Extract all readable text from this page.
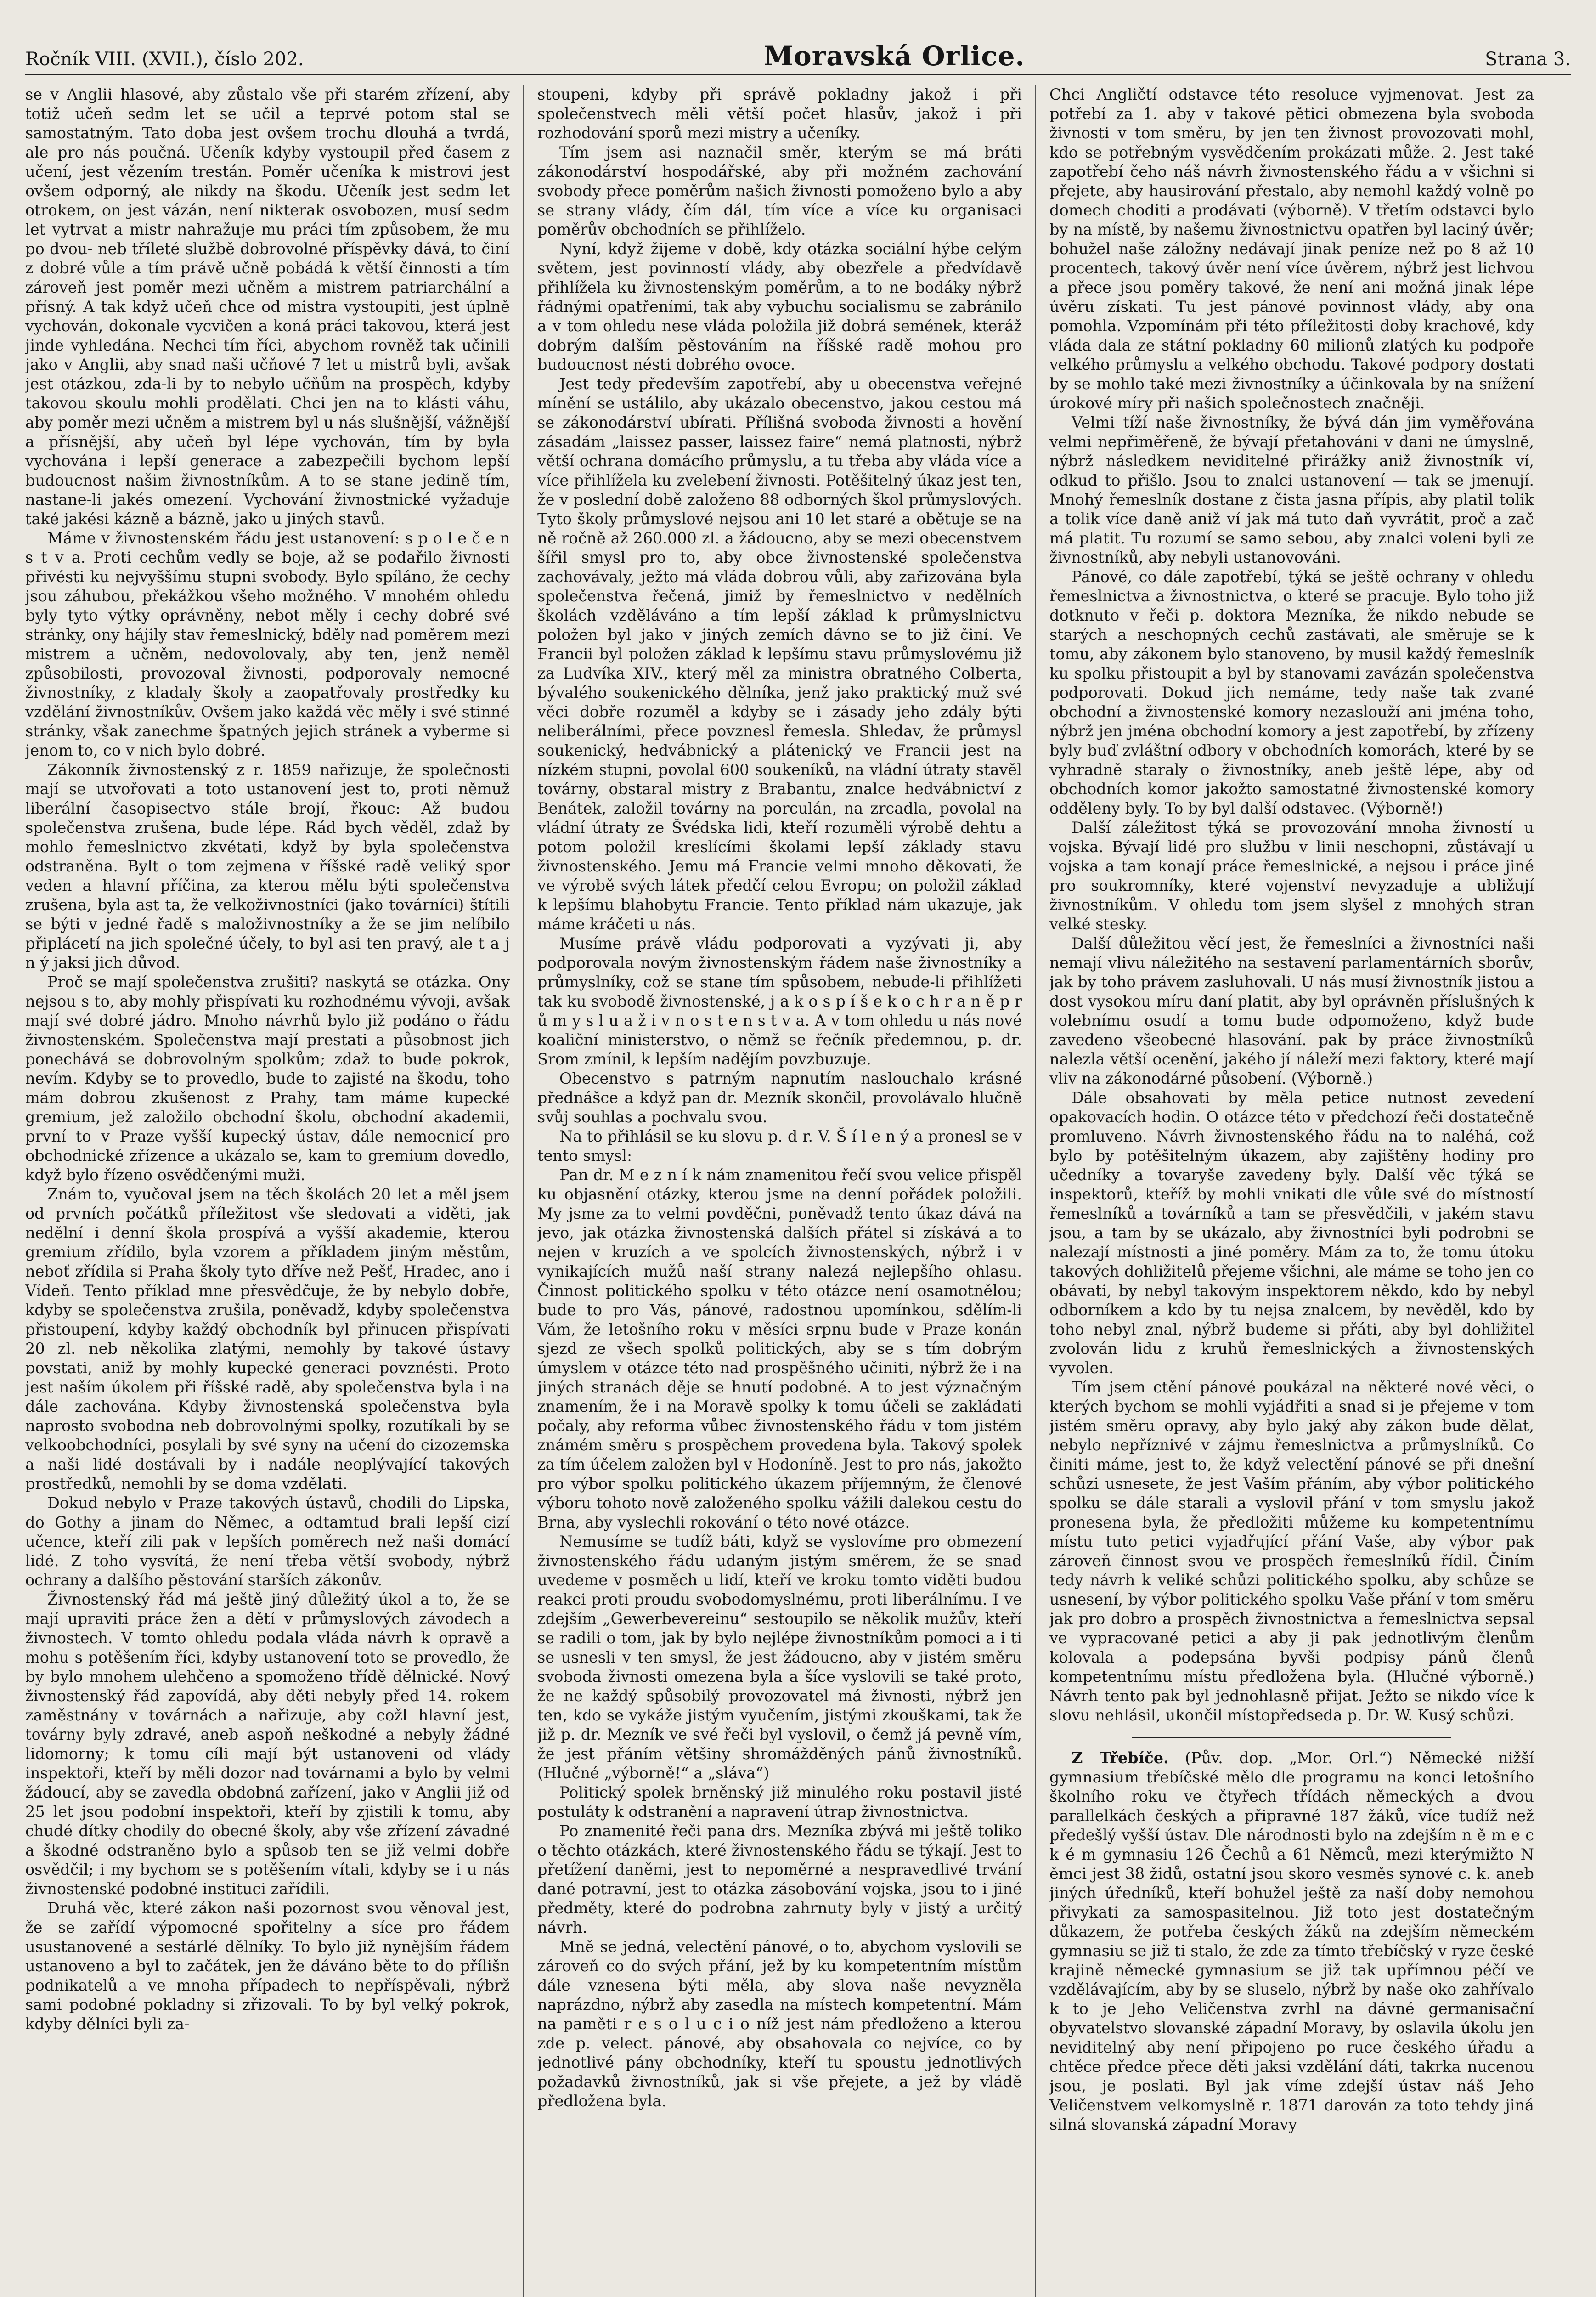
Ročník VIII. (XVII.), číslo 202.	Moravská Orlice.	Strana 3.

se v Anglii hlasové, aby zůstalo vše při starém zřízení, aby totiž učeň sedm let se učil a teprvé potom stal se samostatným. Tato doba jest ovšem trochu dlouhá a tvrdá, ale pro nás poučná. Učeník kdyby vystoupil před časem z učení, jest vězením trestán. Poměr učeníka k mistrovi jest ovšem odporný, ale nikdy na škodu. Učeník jest sedm let otrokem, on jest vázán, není nikterak osvobozen, musí sedm let vytrvat a mistr nahražuje mu práci tím způsobem, že mu po dvou- neb tříleté službě dobrovolné příspěvky dává, to činí z dobré vůle a tím právě učně pobádá k větší činnosti a tím zároveň jest poměr mezi učněm a mistrem patriarchální a přísný. A tak když učeň chce od mistra vystoupiti, jest úplně vychován, dokonale vycvičen a koná práci takovou, která jest jinde vyhledána. Nechci tím říci, abychom rovněž tak učinili jako v Anglii, aby snad naši učňové 7 let u mistrů byli, avšak jest otázkou, zda-li by to nebylo učňům na prospěch, kdyby takovou skoulu mohli prodělati. Chci jen na to klásti váhu, aby poměr mezi učněm a mistrem byl u nás slušnější, vážnější a přísnější, aby učeň byl lépe vychován, tím by byla vychována i lepší generace a zabezpečili bychom lepší budoucnost našim živnostníkům. A to se stane jedině tím, nastane-li jakés omezení. Vychování živnostnické vyžaduje také jakési kázně a bázně, jako u jiných stavů.

Máme v živnostenském řádu jest ustanovení: s p o l e č e n s t v a. Proti cechům vedly se boje, až se podařilo živnosti přivésti ku nejvyššímu stupni svobody. Bylo spíláno, že cechy jsou záhubou, překážkou všeho možného. V mnohém ohledu byly tyto výtky oprávněny, nebot měly i cechy dobré své stránky, ony hájily stav řemeslnický, bděly nad poměrem mezi mistrem a učněm, nedovolovaly, aby ten, jenž neměl způsobilosti, provozoval živnosti, podporovaly nemocné živnostníky, z kladaly školy a zaopatřovaly prostředky ku vzdělání živnostníkův. Ovšem jako každá věc měly i své stinné stránky, však zanechme špatných jejich stránek a vyberme si jenom to, co v nich bylo dobré.

Zákonník živnostenský z r. 1859 nařizuje, že společnosti mají se utvořovati a toto ustanovení jest to, proti němuž liberální časopisectvo stále brojí, řkouc: Až budou společenstva zrušena, bude lépe. Rád bych věděl, zdaž by mohlo řemeslnictvo zkvétati, když by byla společenstva odstraněna. Bylt o tom zejmena v říšské radě veliký spor veden a hlavní příčina, za kterou mělu býti společenstva zrušena, byla ast ta, že velkoživnostníci (jako továrníci) štítili se býti v jedné řadě s maloživnostníky a že se jim nelíbilo připlácetí na jich společné účely, to byl asi ten pravý, ale t a j n ý jaksi jich důvod.

Proč se mají společenstva zrušiti? naskytá se otázka. Ony nejsou s to, aby mohly přispívati ku rozhodnému vývoji, avšak mají své dobré jádro. Mnoho návrhů bylo již podáno o řádu živnostenském. Společenstva mají prestati a působnost jich ponechává se dobrovolným spolkům; zdaž to bude pokrok, nevím. Kdyby se to provedlo, bude to zajisté na škodu, toho mám dobrou zkušenost z Prahy, tam máme kupecké gremium, jež založilo obchodní školu, obchodní akademii, první to v Praze vyšší kupecký ústav, dále nemocnicí pro obchodnické zřízence a ukázalo se, kam to gremium dovedlo, když bylo řízeno osvědčenými muži.

Znám to, vyučoval jsem na těch školách 20 let a měl jsem od prvních počátků příležitost vše sledovati a viděti, jak nedělní i denní škola prospívá a vyšší akademie, kterou gremium zřídilo, byla vzorem a příkladem jiným městům, neboť zřídila si Praha školy tyto dříve než Pešť, Hradec, ano i Vídeň. Tento příklad mne přesvědčuje, že by nebylo dobře, kdyby se společenstva zrušila, poněvadž, kdyby společenstva přistoupení, kdyby každý obchodník byl přinucen přispívati 20 zl. neb několika zlatými, nemohly by takové ústavy povstati, aniž by mohly kupecké generaci povznésti. Proto jest naším úkolem při říšské radě, aby společenstva byla i na dále zachována. Kdyby živnostenská společenstva byla naprosto svobodna neb dobrovolnými spolky, rozutíkali by se velkoobchodníci, posylali by své syny na učení do cizozemska a naši lidé dostávali by i nadále neoplývající takových prostředků, nemohli by se doma vzdělati.

Dokud nebylo v Praze takových ústavů, chodili do Lipska, do Gothy a jinam do Němec, a odtamtud brali lepší cizí učence, kteří zili pak v lepších poměrech než naši domácí lidé. Z toho vysvítá, že není třeba větší svobody, nýbrž ochrany a dalšího pěstování starších zákonův.

Živnostenský řád má ještě jiný důležitý úkol a to, že se mají upraviti práce žen a dětí v průmyslových závodech a živnostech. V tomto ohledu podala vláda návrh k opravě a mohu s potěšením říci, kdyby ustanovení toto se provedlo, že by bylo mnohem ulehčeno a spomoženo třídě dělnické. Nový živnostenský řád zapovídá, aby děti nebyly před 14. rokem zaměstnány v továrnách a nařizuje, aby cožl hlavní jest, továrny byly zdravé, aneb aspoň neškodné a nebyly žádné lidomorny; k tomu cíli mají být ustanoveni od vlády inspektoři, kteří by měli dozor nad továrnami a bylo by velmi žádoucí, aby se zavedla obdobná zařízení, jako v Anglii již od 25 let jsou podobní inspektoři, kteří by zjistili k tomu, aby chudé dítky chodily do obecné školy, aby vše zřízení závadné a škodné odstraněno bylo a spůsob ten se již velmi dobře osvědčil; i my bychom se s potěšením vítali, kdyby se i u nás živnostenské podobné instituci zařídili.

Druhá věc, které zákon naši pozornost svou věnoval jest, že se zařídí výpomocné spořitelny a síce pro řádem usustanovené a sestárlé dělníky. To bylo již nynějším řádem ustanoveno a byl to začátek, jen že dáváno běte to do přílišn podnikatelů a ve mnoha případech to nepříspěvali, nýbrž sami podobné pokladny si zřizovali. To by byl velký pokrok, kdyby dělníci byli za-

stoupeni, kdyby při správě pokladny jakož i při společenstvech měli větší počet hlasův, jakož i při rozhodování sporů mezi mistry a učeníky.

Tím jsem asi naznačil směr, kterým se má bráti zákonodárství hospodářské, aby při možném zachování svobody přece poměrům našich živnosti pomoženo bylo a aby se strany vlády, čím dál, tím více a více ku organisaci poměrův obchodních se přihlíželo.

Nyní, když žijeme v době, kdy otázka sociální hýbe celým světem, jest povinností vlády, aby obezřele a předvídavě přihlížela ku živnostenským poměrům, a to ne bodáky nýbrž řádnými opatřeními, tak aby vybuchu socialismu se zabránilo a v tom ohledu nese vláda položila již dobrá semének, kteráž dobrým dalším pěstováním na říšské radě mohou pro budoucnost nésti dobrého ovoce.

Jest tedy především zapotřebí, aby u obecenstva veřejné mínění se ustálilo, aby ukázalo obecenstvo, jakou cestou má se zákonodárství ubírati. Přílišná svoboda živnosti a hovění zásadám „laissez passer, laissez faire“ nemá platnosti, nýbrž větší ochrana domácího průmyslu, a tu třeba aby vláda více a více přihlížela ku zvelebení živnosti. Potěšitelný úkaz jest ten, že v poslední době založeno 88 odborných škol průmyslových. Tyto školy průmyslové nejsou ani 10 let staré a obětuje se na ně ročně až 260.000 zl. a žádoucno, aby se mezi obecenstvem šířil smysl pro to, aby obce živnostenské společenstva zachovávaly, ježto má vláda dobrou vůli, aby zařizována byla společenstva řečená, jimiž by řemeslnictvo v nedělních školách vzděláváno a tím lepší základ k průmyslnictvu položen byl jako v jiných zemích dávno se to již činí. Ve Francii byl položen základ k lepšímu stavu průmyslovému již za Ludvíka XIV., který měl za ministra obratného Colberta, bývalého soukenického dělníka, jenž jako praktický muž své věci dobře rozuměl a kdyby se i zásady jeho zdály býti neliberálními, přece povznesl řemesla. Shledav, že průmysl soukenický, hedvábnický a plátenický ve Francii jest na nízkém stupni, povolal 600 soukeníků, na vládní útraty stavěl továrny, obstaral mistry z Brabantu, znalce hedvábnictví z Benátek, založil továrny na porculán, na zrcadla, povolal na vládní útraty ze Švédska lidi, kteří rozuměli výrobě dehtu a potom položil kreslícími školami lepší základy stavu živnostenského. Jemu má Francie velmi mnoho děkovati, že ve výrobě svých látek předčí celou Evropu; on položil základ k lepšímu blahobytu Francie. Tento příklad nám ukazuje, jak máme kráčeti u nás.

Musíme právě vládu podporovati a vyzývati ji, aby podporovala novým živnostenským řádem naše živnostníky a průmyslníky, což se stane tím spůsobem, nebude-li přihlížeti tak ku svobodě živnostenské, j a k o s p í š e k o c h r a n ě p r ů m y s l u a ž i v n o s t e n s t v a. A v tom ohledu u nás nové koaliční ministerstvo, o němž se řečník předemnou, p. dr. Srom zmínil, k lepším nadějím povzbuzuje.

Obecenstvo s patrným napnutím naslouchalo krásné přednášce a když pan dr. Mezník skončil, provolávalo hlučně svůj souhlas a pochvalu svou.

Na to přihlásil se ku slovu p. d r. V. Š í l e n ý a pronesl se v tento smysl:

Pan dr. M e z n í k nám znamenitou řečí svou velice přispěl ku objasnění otázky, kterou jsme na denní pořádek položili. My jsme za to velmi povděčni, poněvadž tento úkaz dává na jevo, jak otázka živnostenská dalších přátel si získává a to nejen v kruzích a ve spolcích živnostenských, nýbrž i v vynikajících mužů naší strany nalezá nejlepšího ohlasu. Činnost politického spolku v této otázce není osamotnělou; bude to pro Vás, pánové, radostnou upomínkou, sdělím-li Vám, že letošního roku v měsíci srpnu bude v Praze konán sjezd ze všech spolků politických, aby se s tím dobrým úmyslem v otázce této nad prospěšného učiniti, nýbrž že i na jiných stranách děje se hnutí podobné. A to jest význačným znamením, že i na Moravě spolky k tomu účeli se zakládati počaly, aby reforma vůbec živnostenského řádu v tom jistém známém směru s prospěchem provedena byla. Takový spolek za tím účelem založen byl v Hodoníně. Jest to pro nás, jakožto pro výbor spolku politického úkazem příjemným, že členové výboru tohoto nově založeného spolku vážili dalekou cestu do Brna, aby vyslechli rokování o této nové otázce.

Nemusíme se tudíž báti, když se vyslovíme pro obmezení živnostenského řádu udaným jistým směrem, že se snad uvedeme v posměch u lidí, kteří ve kroku tomto viděti budou reakci proti proudu svobodomyslnému, proti liberálnímu. I ve zdejším „Gewerbevereinu“ sestoupilo se několik mužův, kteří se radili o tom, jak by bylo nejlépe živnostníkům pomoci a i ti se usnesli v ten smysl, že jest žádoucno, aby v jistém směru svoboda živnosti omezena byla a šíce vyslovili se také proto, že ne každý spůsobilý provozovatel má živnosti, nýbrž jen ten, kdo se vykáže jistým vyučením, jistými zkouškami, tak že již p. dr. Mezník ve své řeči byl vyslovil, o čemž já pevně vím, že jest přáním většiny shromážděných pánů živnostníků. (Hlučné „výborně!“ a „sláva“)

Politický spolek brněnský již minulého roku postavil jisté postuláty k odstranění a napravení útrap živnostnictva.

Po znamenité řeči pana drs. Mezníka zbývá mi ještě toliko o těchto otázkách, které živnostenského řádu se týkají. Jest to přetížení daněmi, jest to nepoměrné a nespravedlivé trvání dané potravní, jest to otázka zásobování vojska, jsou to i jiné předměty, které do podrobna zahrnuty byly v jistý a určitý návrh.

Mně se jedná, velectění pánové, o to, abychom vyslovili se zároveň co do svých přání, jež by ku kompetentním místům dále vznesena býti měla, aby slova naše nevyzněla naprázdno, nýbrž aby zasedla na místech kompetentní. Mám na paměti r e s o l u c i o níž jest nám předloženo a kterou zde p. velect. pánové, aby obsahovala co nejvíce, co by jednotlivé pány obchodníky, kteří tu spoustu jednotlivých požadavků živnostníků, jak si vše přejete, a jež by vládě předložena byla.

Chci Angličtí odstavce této resoluce vyjmenovat. Jest za potřebí za 1. aby v takové pětici obmezena byla svoboda živnosti v tom směru, by jen ten živnost provozovati mohl, kdo se potřebným vysvědčením prokázati může. 2. Jest také zapotřebí čeho náš návrh živnostenského řádu a v všichni si přejete, aby hausirování přestalo, aby nemohl každý volně po domech choditi a prodávati (výborně). V třetím odstavci bylo by na místě, by našemu živnostnictvu opatřen byl laciný úvěr; bohužel naše záložny nedávají jinak peníze než po 8 až 10 procentech, takový úvěr není více úvěrem, nýbrž jest lichvou a přece jsou poměry takové, že není ani možná jinak lépe úvěru získati. Tu jest pánové povinnost vlády, aby ona pomohla. Vzpomínám při této příležitosti doby krachové, kdy vláda dala ze státní pokladny 60 milionů zlatých ku podpoře velkého průmyslu a velkého obchodu. Takové podpory dostati by se mohlo také mezi živnostníky a účinkovala by na snížení úrokové míry při našich společnostech značněji.

Velmi tíží naše živnostníky, že bývá dán jim vyměřována velmi nepřiměřeně, že bývají přetahováni v dani ne úmyslně, nýbrž následkem neviditelné přirážky aniž živnostník ví, odkud to přišlo. Jsou to znalci ustanovení — tak se jmenují. Mnohý řemeslník dostane z čista jasna přípis, aby platil tolik a tolik více daně aniž ví jak má tuto daň vyvrátit, proč a zač má platit. Tu rozumí se samo sebou, aby znalci voleni byli ze živnostníků, aby nebyli ustanovováni.

Pánové, co dále zapotřebí, týká se ještě ochrany v ohledu řemeslnictva a živnostnictva, o které se pracuje. Bylo toho již dotknuto v řeči p. doktora Mezníka, že nikdo nebude se starých a neschopných cechů zastávati, ale směruje se k tomu, aby zákonem bylo stanoveno, by musil každý řemeslník ku spolku přistoupit a byl by stanovami zavázán společenstva podporovati. Dokud jich nemáme, tedy naše tak zvané obchodní a živnostenské komory nezaslouží ani jména toho, nýbrž jen jména obchodní komory a jest zapotřebí, by zřízeny byly buď zvláštní odbory v obchodních komorách, které by se vyhradně staraly o živnostníky, aneb ještě lépe, aby od obchodních komor jakožto samostatné živnostenské komory odděleny byly. To by byl další odstavec. (Výborně!)

Další záležitost týká se provozování mnoha živností u vojska. Bývají lidé pro službu v linii neschopni, zůstávají u vojska a tam konají práce řemeslnické, a nejsou i práce jiné pro soukromníky, které vojenství nevyzaduje a ubližují živnostníkům. V ohledu tom jsem slyšel z mnohých stran velké stesky.

Další důležitou věcí jest, že řemeslníci a živnostníci naši nemají vlivu náležitého na sestavení parlamentárních sborův, jak by toho právem zasluhovali. U nás musí živnostník jistou a dost vysokou míru daní platit, aby byl oprávněn příslušných k volebnímu osudí a tomu bude odpomoženo, když bude zavedeno všeobecné hlasování. pak by práce živnostníků nalezla větší ocenění, jakého jí náleží mezi faktory, které mají vliv na zákonodárné působení. (Výborně.)

Dále obsahovati by měla petice nutnost zevedení opakovacích hodin. O otázce této v předchozí řeči dostatečně promluveno. Návrh živnostenského řádu na to naléhá, což bylo by potěšitelným úkazem, aby zajištěny hodiny pro učedníky a tovaryše zavedeny byly. Další věc týká se inspektorů, kteříž by mohli vnikati dle vůle své do místností řemeslníků a továrníků a tam se přesvědčili, v jakém stavu jsou, a tam by se ukázalo, aby živnostníci byli podrobni se nalezají místnosti a jiné poměry. Mám za to, že tomu útoku takových dohližitelů přejeme všichni, ale máme se toho jen co obávati, by nebyl takovým inspektorem někdo, kdo by nebyl odborníkem a kdo by tu nejsa znalcem, by nevěděl, kdo by toho nebyl znal, nýbrž budeme si přáti, aby byl dohližitel zvolován lidu z kruhů řemeslnických a živnostenských vyvolen.

Tím jsem ctění pánové poukázal na některé nové věci, o kterých bychom se mohli vyjádřiti a snad si je přejeme v tom jistém směru opravy, aby bylo jaký aby zákon bude dělat, nebylo nepříznivé v zájmu řemeslnictva a průmyslníků. Co činiti máme, jest to, že když velectění pánové se při dnešní schůzi usnesete, že jest Vaším přáním, aby výbor politického spolku se dále starali a vyslovil přání v tom smyslu jakož pronesena byla, že předložiti můžeme ku kompetentnímu místu tuto petici vyjadřující přání Vaše, aby výbor pak zároveň činnost svou ve prospěch řemeslníků řídil. Činím tedy návrh k veliké schůzi politického spolku, aby schůze se usnesení, by výbor politického spolku Vaše přání v tom směru jak pro dobro a prospěch živnostnictva a řemeslnictva sepsal ve vypracované petici a aby ji pak jednotlivým členům kolovala a podepsána byvši podpisy pánů členů kompetentnímu místu předložena byla. (Hlučné výborně.) Návrh tento pak byl jednohlasně přijat. Ježto se nikdo více k slovu nehlásil, ukončil místopředseda p. Dr. W. Kusý schůzi.

Z Třebíče. (Pův. dop. „Mor. Orl.“) Německé nižší gymnasium třebíčské mělo dle programu na konci letošního školního roku ve čtyřech třídách německých a dvou parallelkách českých a připravné 187 žáků, více tudíž než předešlý vyšší ústav. Dle národnosti bylo na zdejším n ě m e c k é m gymnasiu 126 Čechů a 61 Němců, mezi kterýmižto N ěmci jest 38 židů, ostatní jsou skoro vesměs synové c. k. aneb jiných úředníků, kteří bohužel ještě za naší doby nemohou přivykati za samospasitelnou. Již toto jest dostatečným důkazem, že potřeba českých žáků na zdejším německém gymnasiu se již ti stalo, že zde za tímto třebíčský v ryze české krajině německé gymnasium se již tak upřímnou péčí ve vzdělávajícím, aby by se sluselo, nýbrž by naše oko zahřívalo k to je Jeho Veličenstva zvrhl na dávné germanisační obyvatelstvo slovanské západní Moravy, by oslavila úkolu jen neviditelný aby není připojeno po ruce českého úřadu a chtěce předce přece děti jaksi vzdělání dáti, takrka nucenou jsou, je poslati. Byl jak víme zdejší ústav náš Jeho Veličenstvem velkomyslně r. 1871 darován za toto tehdy jiná silná slovanská západní Moravy
